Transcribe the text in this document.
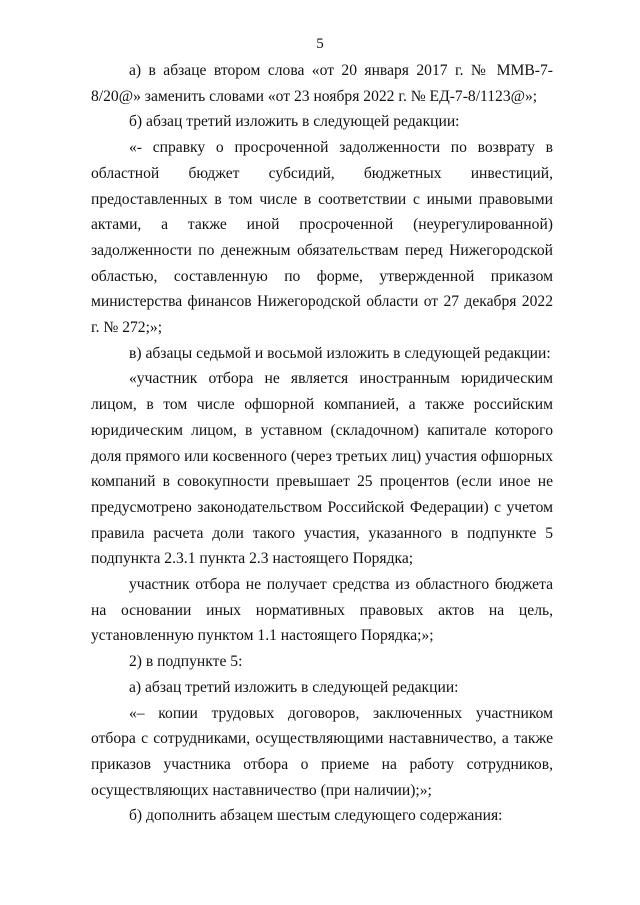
5

а) в абзаце втором слова «от 20 января 2017 г. № ММВ-7-8/20@» заменить словами «от 23 ноября 2022 г. № ЕД-7-8/1123@»;

б) абзац третий изложить в следующей редакции:

«- справку о просроченной задолженности по возврату в областной бюджет субсидий, бюджетных инвестиций, предоставленных в том числе в соответствии с иными правовыми актами, а также иной просроченной (неурегулированной) задолженности по денежным обязательствам перед Нижегородской областью, составленную по форме, утвержденной приказом министерства финансов Нижегородской области от 27 декабря 2022 г. № 272;»;

в) абзацы седьмой и восьмой изложить в следующей редакции:

«участник отбора не является иностранным юридическим лицом, в том числе офшорной компанией, а также российским юридическим лицом, в уставном (складочном) капитале которого доля прямого или косвенного (через третьих лиц) участия офшорных компаний в совокупности превышает 25 процентов (если иное не предусмотрено законодательством Российской Федерации) с учетом правила расчета доли такого участия, указанного в подпункте 5 подпункта 2.3.1 пункта 2.3 настоящего Порядка;

участник отбора не получает средства из областного бюджета на основании иных нормативных правовых актов на цель, установленную пунктом 1.1 настоящего Порядка;»;

2) в подпункте 5:

а) абзац третий изложить в следующей редакции:

«– копии трудовых договоров, заключенных участником отбора с сотрудниками, осуществляющими наставничество, а также приказов участника отбора о приеме на работу сотрудников, осуществляющих наставничество (при наличии);»;

б) дополнить абзацем шестым следующего содержания:
